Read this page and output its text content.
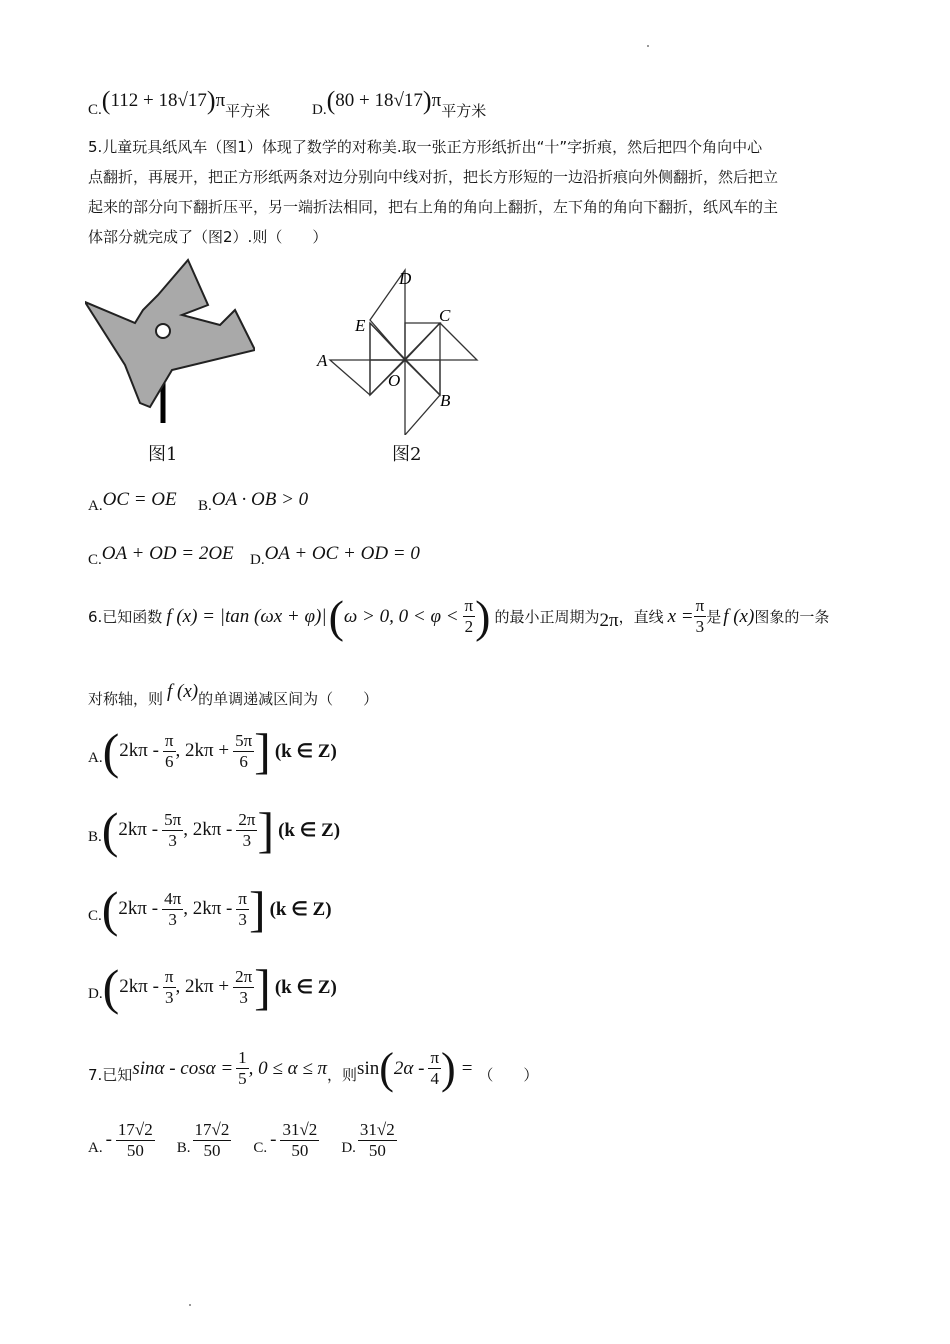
C. ( 112 + 18√17 ) π
平方米	D. ( 80 + 18√17 ) π
平方米
5.儿童玩具纸风车（图1）体现了数学的对称美.取一张正方形纸折出“十”字折痕，然后把四个角向中心
点翻折，再展开，把正方形纸两条对边分别向中线对折，把长方形短的一边沿折痕向外侧翻折，然后把立
起来的部分向下翻折压平，另一端折法相同，把右上角的角向上翻折，左下角的角向下翻折，纸风车的主
体部分就完成了（图2）.则（　　）
图1
D
E
C
A
O
B
图2
A. OC = OE B. OA · OB > 0
C. OA + OD = 2OE D. OA + OC + OD = 0
6.已知函数 f (x) = |tan (ωx + φ)| ( ω > 0, $0 < \varphi < \frac{\pi}{2}$ ) 的最小正周期为 2π ，直线 $x = \frac{\pi}{3}$ 是 f (x) 图象的一条
对称轴，则 f (x) 的单调递减区间为（　　）
A. ( $2k\pi - \frac{\pi}{6}$ , $2k\pi + \frac{5\pi}{6}$ ] (k ∈ Z)
B. ( $2k\pi - \frac{5\pi}{3}$ , $2k\pi - \frac{2\pi}{3}$ ] (k ∈ Z)
C. ( $2k\pi - \frac{4\pi}{3}$ , $2k\pi - \frac{\pi}{3}$ ] (k ∈ Z)
D. ( $2k\pi - \frac{\pi}{3}$ , $2k\pi + \frac{2\pi}{3}$ ] (k ∈ Z)
7.已知 $\sin\alpha - \cos\alpha = \frac{1}{5}$ , 0 ≤ α ≤ π ，则 sin ( $2\alpha - \frac{\pi}{4}$ ) = （　　）
A. - $\frac{17√2}{50} B$. $\frac{17√2}{50} C$. - $\frac{31√2}{50} D$. $\frac{31√2}{50}$
